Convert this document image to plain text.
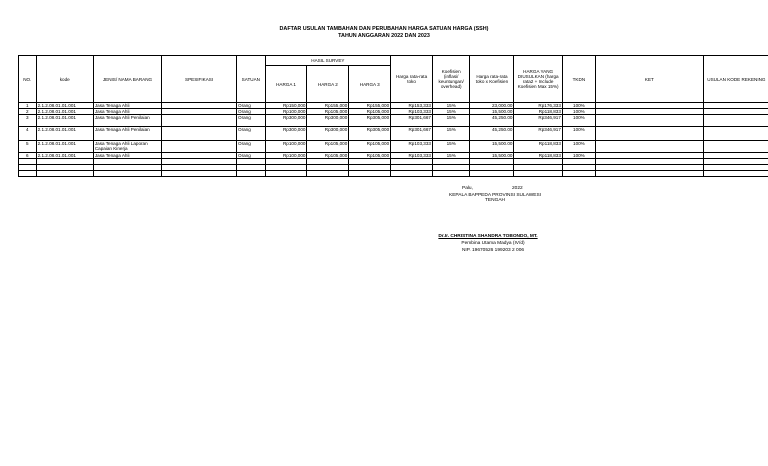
DAFTAR USULAN TAMBAHAN DAN PERUBAHAN HARGA SATUAN HARGA (SSH)
TAHUN ANGGARAN 2022 DAN 2023
NO.	kode	JENIS/ NAMA BARANG	SPESIFIKASI	SATUAN	HASIL SURVEY			Harga rata-rata toko	Koefisien (inflasi/ keuntungan/ overhead)	Harga rata-rata toko x Koefisien	HARGA YANG DIUSULKAN (harga rata2 + Include Koefisien Max 15%)	TKDN	KET	USULAN KODE REKENING
					HARGA 1	HARGA 2	HARGA 3							
1	2.1.2.08.01.01.001	Jasa Tenaga Ahli		Orang	Rp150,000	Rp155,000	Rp155,000	Rp153,333	15%	23,000.00	Rp176,333	100%		
2	2.1.2.08.01.01.001	Jasa Tenaga Ahli		Orang	Rp100,000	Rp105,000	Rp105,000	Rp103,333	15%	15,500.00	Rp118,833	100%		
3	2.1.2.08.01.01.001	Jasa Tenaga Ahli Penilaian		Orang	Rp300,000	Rp300,000	Rp305,000	Rp301,667	15%	45,250.00	Rp346,917	100%		
4	2.1.2.08.01.01.001	Jasa Tenaga Ahli Penilaian		Orang	Rp300,000	Rp300,000	Rp305,000	Rp301,667	15%	45,250.00	Rp346,917	100%		
5	2.1.2.08.01.01.001	Jasa Tenaga Ahli Laporan Capaian Kinerja		Orang	Rp100,000	Rp105,000	Rp105,000	Rp103,333	15%	15,500.00	Rp118,833	100%		
6	2.1.2.08.01.01.001	Jasa Tenaga Ahli		Orang	Rp100,000	Rp105,000	Rp105,000	Rp103,333	15%	15,500.00	Rp118,833	100%		

Palu,	2022
KEPALA BAPPEDA PROVINSI SULAWESI TENGAH
Dr.Ir. CHRISTINA SHANDRA TOBONDO, MT.
Pembina Utama Madya (IV/d)
NIP. 19670526 199203 2 006
